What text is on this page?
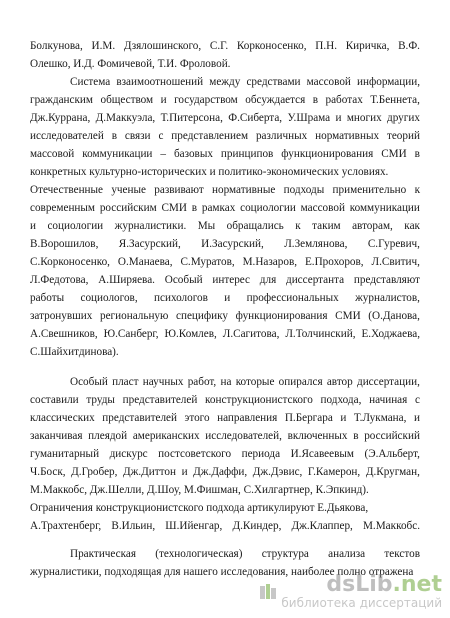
Болкунова, И.М. Дзялошинского, С.Г. Корконосенко, П.Н. Киричка, В.Ф.
Олешко, И.Д. Фомичевой, Т.И. Фроловой.
Система взаимоотношений между средствами массовой информации,
гражданским обществом и государством обсуждается в работах Т.Беннета,
Дж.Куррана, Д.Маккуэла, Т.Питерсона, Ф.Сиберта, У.Шрама и многих других
исследователей в связи с представлением различных нормативных теорий
массовой коммуникации – базовых принципов функционирования СМИ в
конкретных культурно-исторических и политико-экономических условиях.
Отечественные ученые развивают нормативные подходы применительно к
современным российским СМИ в рамках социологии массовой коммуникации
и социологии журналистики. Мы обращались к таким авторам, как
В.Ворошилов, Я.Засурский, И.Засурский, Л.Землянова, С.Гуревич,
С.Корконосенко, О.Манаева, С.Муратов, М.Назаров, Е.Прохоров, Л.Свитич,
Л.Федотова, А.Ширяева. Особый интерес для диссертанта представляют
работы социологов, психологов и профессиональных журналистов,
затронувших региональную специфику функционирования СМИ (О.Данова,
А.Свешников, Ю.Санберг, Ю.Комлев, Л.Сагитова, Л.Толчинский, Е.Ходжаева,
С.Шайхитдинова).
Особый пласт научных работ, на которые опирался автор диссертации,
составили труды представителей конструкционистского подхода, начиная с
классических представителей этого направления П.Бергара и Т.Лукмана, и
заканчивая плеядой американских исследователей, включенных в российский
гуманитарный дискурс постсоветского периода И.Ясавеевым (Э.Альберт,
Ч.Боск, Д.Гробер, Дж.Диттон и Дж.Даффи, Дж.Дэвис, Г.Камерон, Д.Кругман,
М.Маккобс, Дж.Шелли, Д.Шоу, М.Фишман, С.Хилгартнер, К.Эпкинд).
Ограничения конструкционистского подхода артикулируют Е.Дьякова,
А.Трахтенберг, В.Ильин, Ш.Ийенгар, Д.Киндер, Дж.Клаппер, М.Маккобс.
Практическая (технологическая) структура анализа текстов
журналистики, подходящая для нашего исследования, наиболее полно отражена
dsLib.net
библиотека диссертаций
